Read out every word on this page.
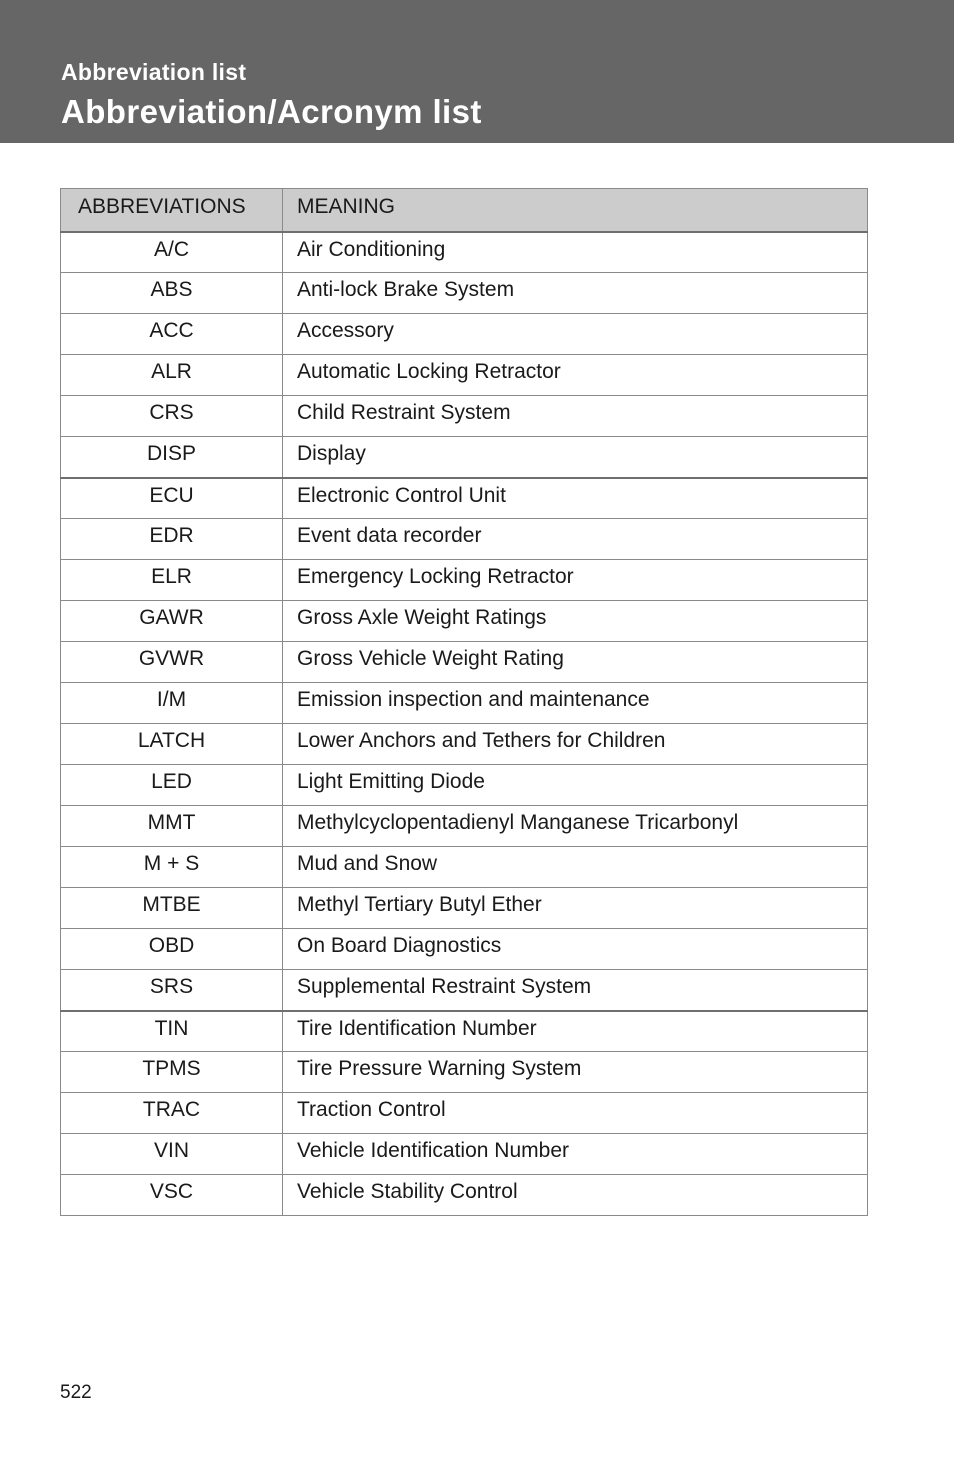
Abbreviation list
Abbreviation/Acronym list
ABBREVIATIONS	MEANING
A/C	Air Conditioning
ABS	Anti-lock Brake System
ACC	Accessory
ALR	Automatic Locking Retractor
CRS	Child Restraint System
DISP	Display
ECU	Electronic Control Unit
EDR	Event data recorder
ELR	Emergency Locking Retractor
GAWR	Gross Axle Weight Ratings
GVWR	Gross Vehicle Weight Rating
I/M	Emission inspection and maintenance
LATCH	Lower Anchors and Tethers for Children
LED	Light Emitting Diode
MMT	Methylcyclopentadienyl Manganese Tricarbonyl
M + S	Mud and Snow
MTBE	Methyl Tertiary Butyl Ether
OBD	On Board Diagnostics
SRS	Supplemental Restraint System
TIN	Tire Identification Number
TPMS	Tire Pressure Warning System
TRAC	Traction Control
VIN	Vehicle Identification Number
VSC	Vehicle Stability Control
522
